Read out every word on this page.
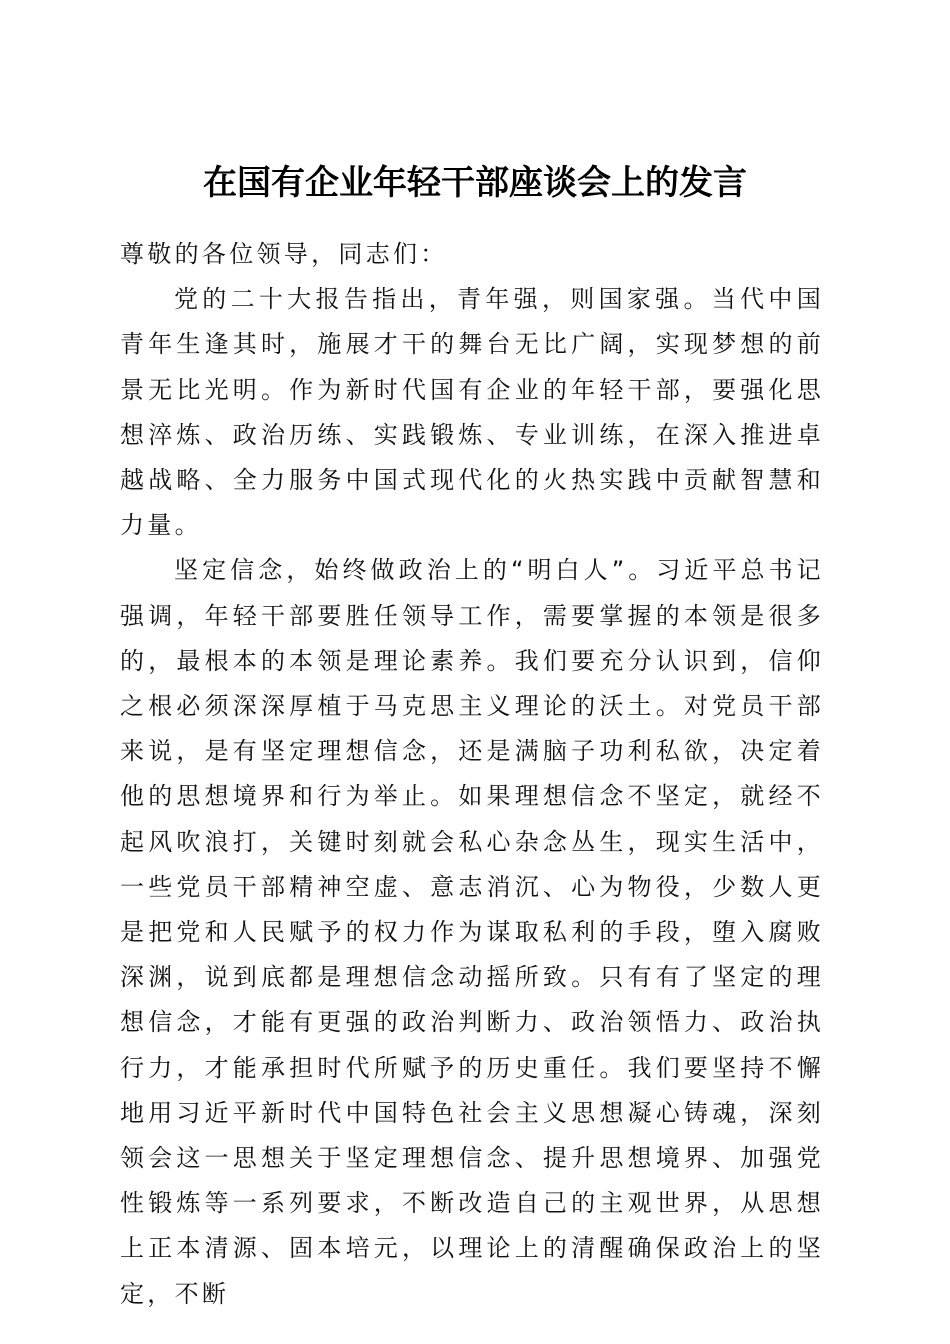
在国有企业年轻干部座谈会上的发言

尊敬的各位领导，同志们：

党的二十大报告指出，青年强，则国家强。当代中国青年生逢其时，施展才干的舞台无比广阔，实现梦想的前景无比光明。作为新时代国有企业的年轻干部，要强化思想淬炼、政治历练、实践锻炼、专业训练，在深入推进卓越战略、全力服务中国式现代化的火热实践中贡献智慧和力量。

坚定信念，始终做政治上的“明白人”。习近平总书记强调，年轻干部要胜任领导工作，需要掌握的本领是很多的，最根本的本领是理论素养。我们要充分认识到，信仰之根必须深深厚植于马克思主义理论的沃土。对党员干部来说，是有坚定理想信念，还是满脑子功利私欲，决定着他的思想境界和行为举止。如果理想信念不坚定，就经不起风吹浪打，关键时刻就会私心杂念丛生，现实生活中，一些党员干部精神空虚、意志消沉、心为物役，少数人更是把党和人民赋予的权力作为谋取私利的手段，堕入腐败深渊，说到底都是理想信念动摇所致。只有有了坚定的理想信念，才能有更强的政治判断力、政治领悟力、政治执行力，才能承担时代所赋予的历史重任。我们要坚持不懈地用习近平新时代中国特色社会主义思想凝心铸魂，深刻领会这一思想关于坚定理想信念、提升思想境界、加强党性锻炼等一系列要求，不断改造自己的主观世界，从思想上正本清源、固本培元，以理论上的清醒确保政治上的坚定，不断
